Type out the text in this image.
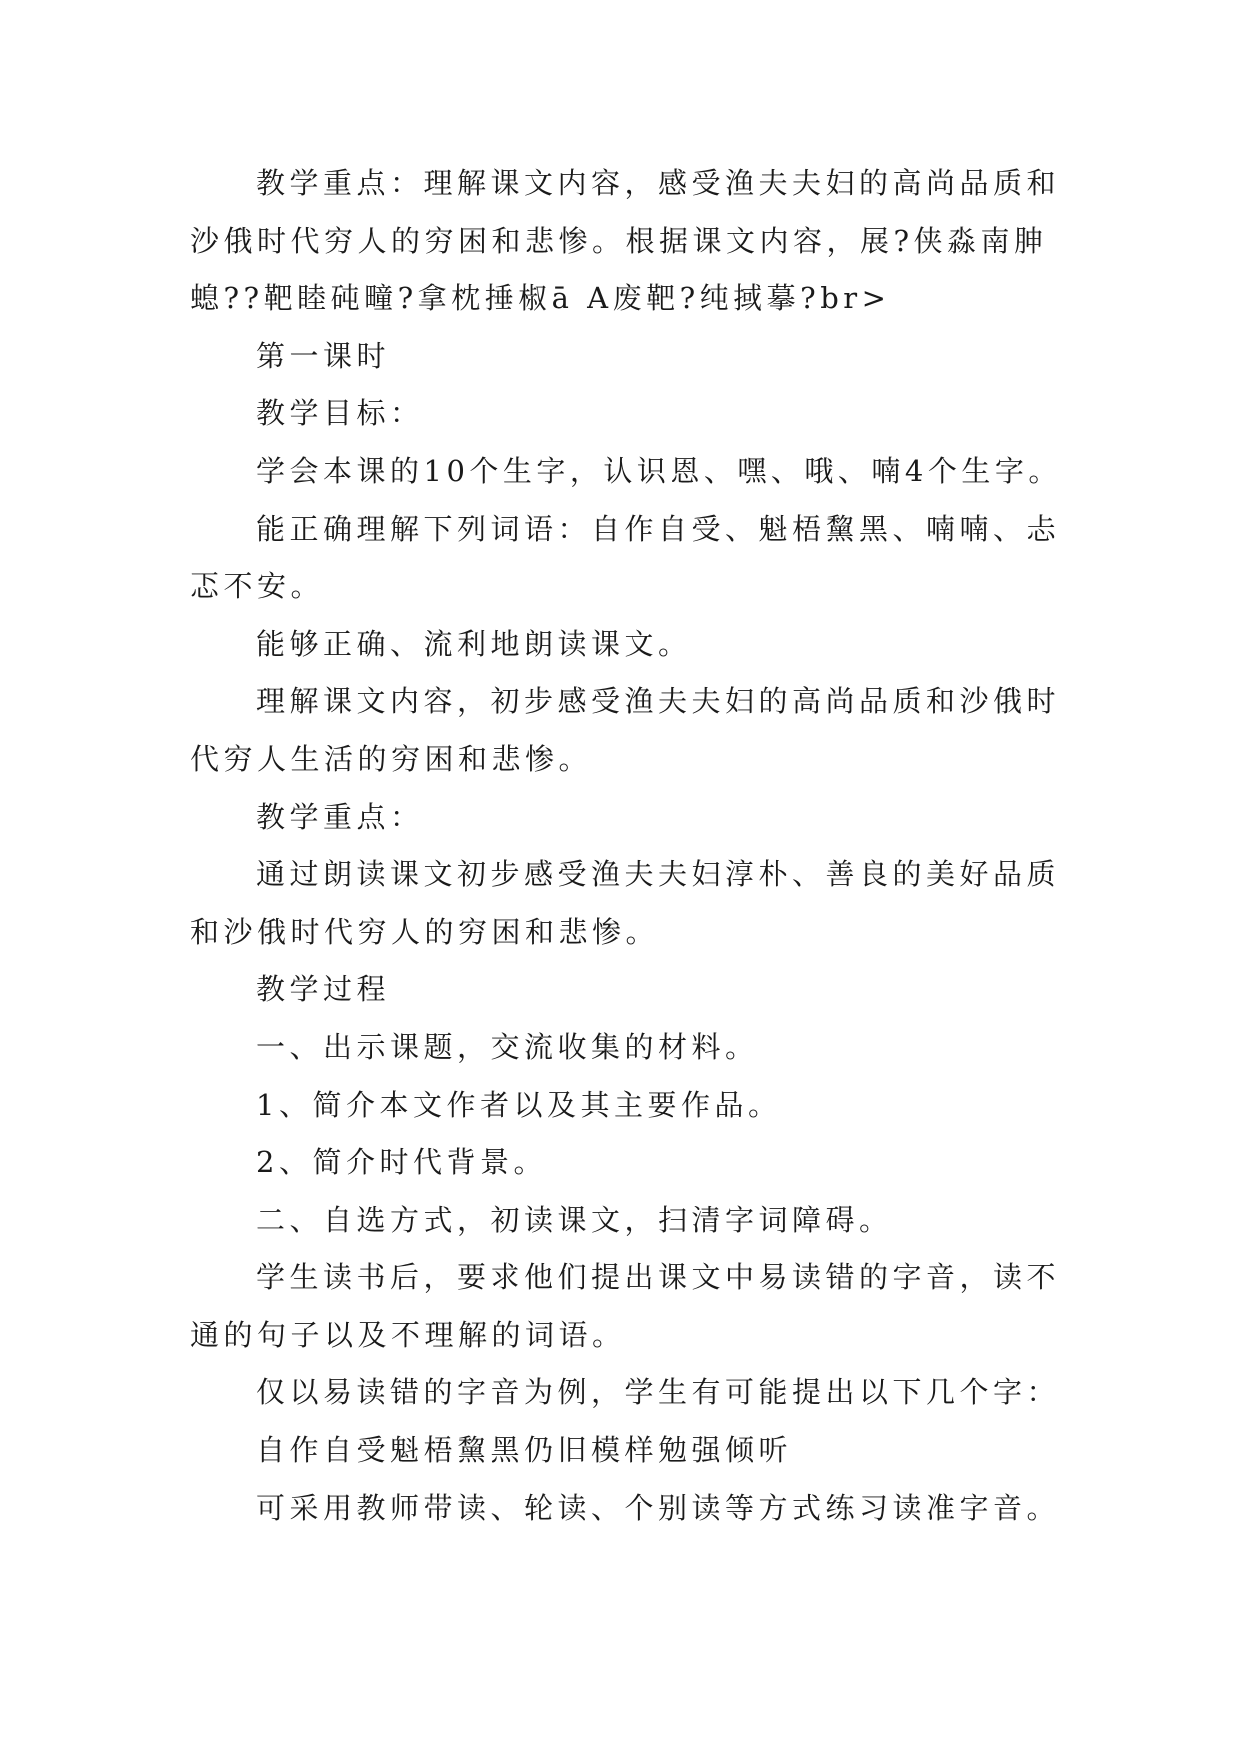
教学重点：理解课文内容，感受渔夫夫妇的高尚品质和沙俄时代穷人的穷困和悲惨。根据课文内容，展?侠淼南胂螅??靶睦砘疃?拿枕捶椒ā A废靶?纯掝摹?br>

第一课时

教学目标：

学会本课的10个生字，认识恩、嘿、哦、喃4个生字。

能正确理解下列词语：自作自受、魁梧黧黑、喃喃、忐忑不安。

能够正确、流利地朗读课文。

理解课文内容，初步感受渔夫夫妇的高尚品质和沙俄时代穷人生活的穷困和悲惨。

教学重点：

通过朗读课文初步感受渔夫夫妇淳朴、善良的美好品质和沙俄时代穷人的穷困和悲惨。

教学过程

一、出示课题，交流收集的材料。

1、简介本文作者以及其主要作品。

2、简介时代背景。

二、自选方式，初读课文，扫清字词障碍。

学生读书后，要求他们提出课文中易读错的字音，读不通的句子以及不理解的词语。

仅以易读错的字音为例，学生有可能提出以下几个字：

自作自受魁梧黧黑仍旧模样勉强倾听

可采用教师带读、轮读、个别读等方式练习读准字音。
